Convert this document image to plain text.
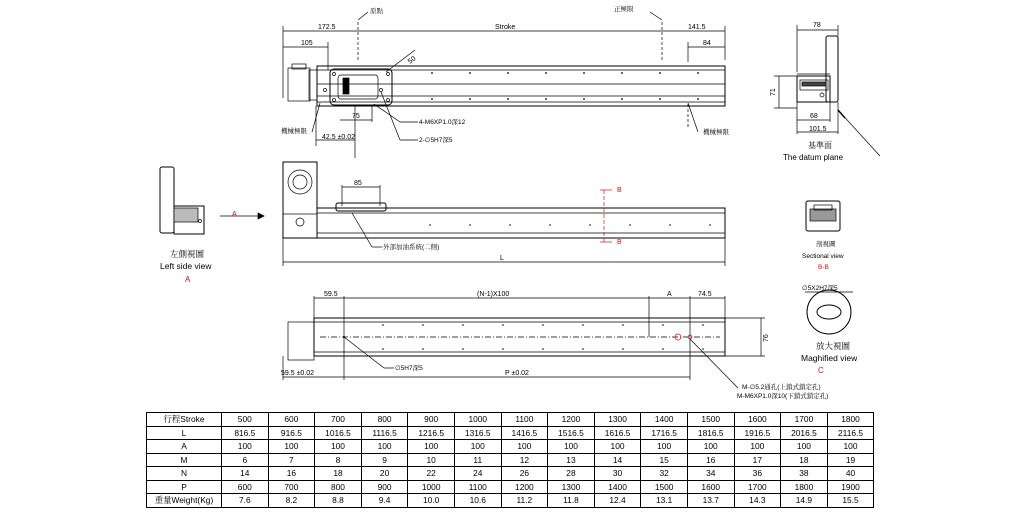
172.5
105
Stroke	141.5
84
原點	正極限
50
75
42.5 ±0.02
4-M6XP1.0深12
2-∅5H7深5
機械極限	機械極限
78
71
68
101.5
基準面
The datum plane
A
左側視圖
Left side view
A
85
外部加油系統(二側)
B
B
L
剖視圖
Sectional view
B-B
59.5	(N-1)X100	A	74.5
76
59.5 ±0.02	P ±0.02
∅5H7深5
M-∅5.2通孔(上鎖式鎖定孔)
M-M6XP1.0深10(下鎖式鎖定孔)
∅5X2H7深5
放大視圖
Maghified view
C
行程Stroke	500	600	700	800	900	1000	1100	1200	1300	1400	1500	1600	1700	1800
L	816.5	916.5	1016.5	1116.5	1216.5	1316.5	1416.5	1516.5	1616.5	1716.5	1816.5	1916.5	2016.5	2116.5
A	100	100	100	100	100	100	100	100	100	100	100	100	100	100
M	6	7	8	9	10	11	12	13	14	15	16	17	18	19
N	14	16	18	20	22	24	26	28	30	32	34	36	38	40
P	600	700	800	900	1000	1100	1200	1300	1400	1500	1600	1700	1800	1900
重量Weight(Kg)	7.6	8.2	8.8	9.4	10.0	10.6	11.2	11.8	12.4	13.1	13.7	14.3	14.9	15.5
